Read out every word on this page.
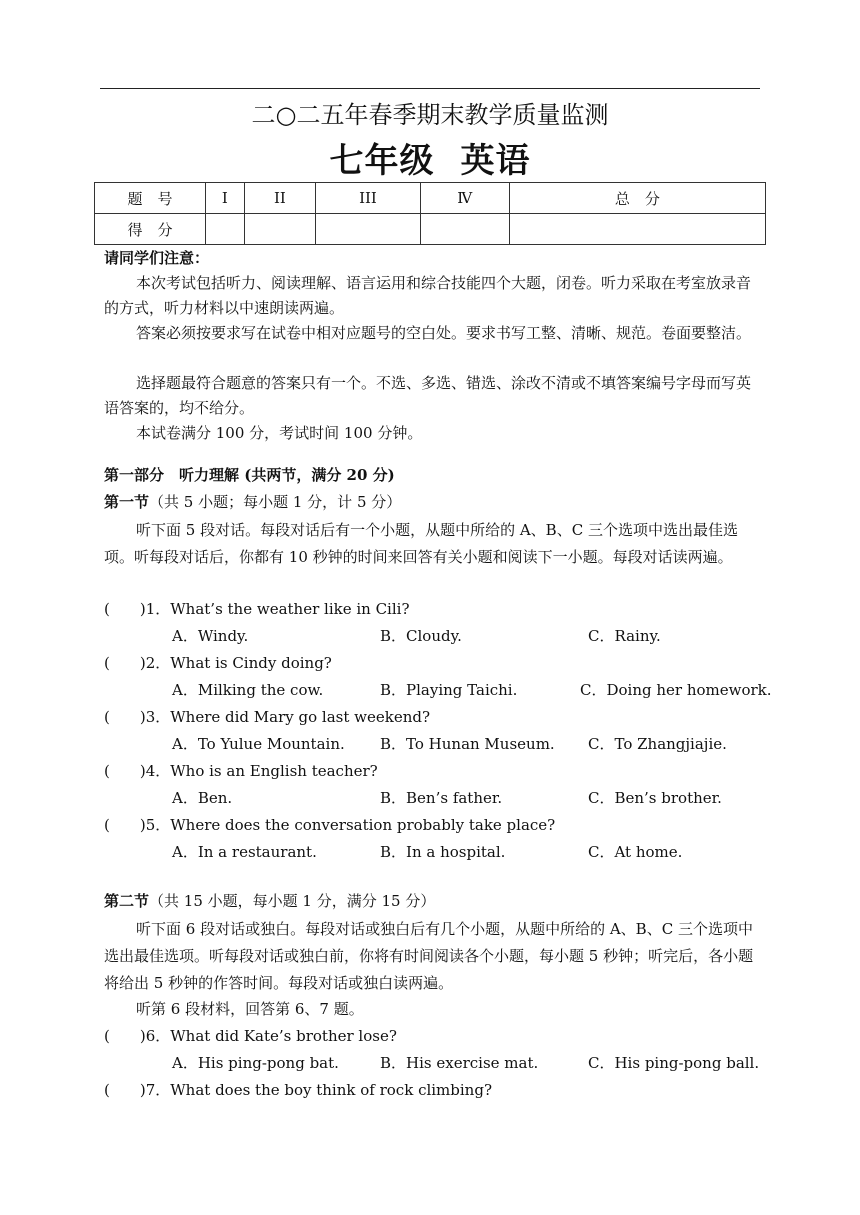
二○二五年春季期末教学质量监测
七年级 英语
题　号	I	II	III	Ⅳ	总　分
得　分					
请同学们注意：
本次考试包括听力、阅读理解、语言运用和综合技能四个大题，闭卷。听力采取在考室放录音的方式，听力材料以中速朗读两遍。
答案必须按要求写在试卷中相对应题号的空白处。要求书写工整、清晰、规范。卷面要整洁。
选择题最符合题意的答案只有一个。不选、多选、错选、涂改不清或不填答案编号字母而写英语答案的，均不给分。
本试卷满分 100 分，考试时间 100 分钟。
第一部分　听力理解 (共两节，满分 20 分)
第一节（共 5 小题；每小题 1 分，计 5 分）
听下面 5 段对话。每段对话后有一个小题，从题中所给的 A、B、C 三个选项中选出最佳选项。听每段对话后，你都有 10 秒钟的时间来回答有关小题和阅读下一小题。每段对话读两遍。
(　　)1．What’s the weather like in Cili?
A．Windy.	B．Cloudy.	C．Rainy.
(　　)2．What is Cindy doing?
A．Milking the cow.	B．Playing Taichi.	C．Doing her homework.
(　　)3．Where did Mary go last weekend?
A．To Yulue Mountain. B．To Hunan Museum. C．To Zhangjiajie.
(　　)4．Who is an English teacher?
A．Ben.	B．Ben’s father.	C．Ben’s brother.
(　　)5．Where does the conversation probably take place?
A．In a restaurant.	B．In a hospital.	C．At home.
第二节（共 15 小题，每小题 1 分，满分 15 分）
听下面 6 段对话或独白。每段对话或独白后有几个小题，从题中所给的 A、B、C 三个选项中选出最佳选项。听每段对话或独白前，你将有时间阅读各个小题，每小题 5 秒钟；听完后，各小题将给出 5 秒钟的作答时间。每段对话或独白读两遍。
听第 6 段材料，回答第 6、7 题。
(　　)6．What did Kate’s brother lose?
A．His ping-pong bat.	B．His exercise mat.	C．His ping-pong ball.
(　　)7．What does the boy think of rock climbing?
